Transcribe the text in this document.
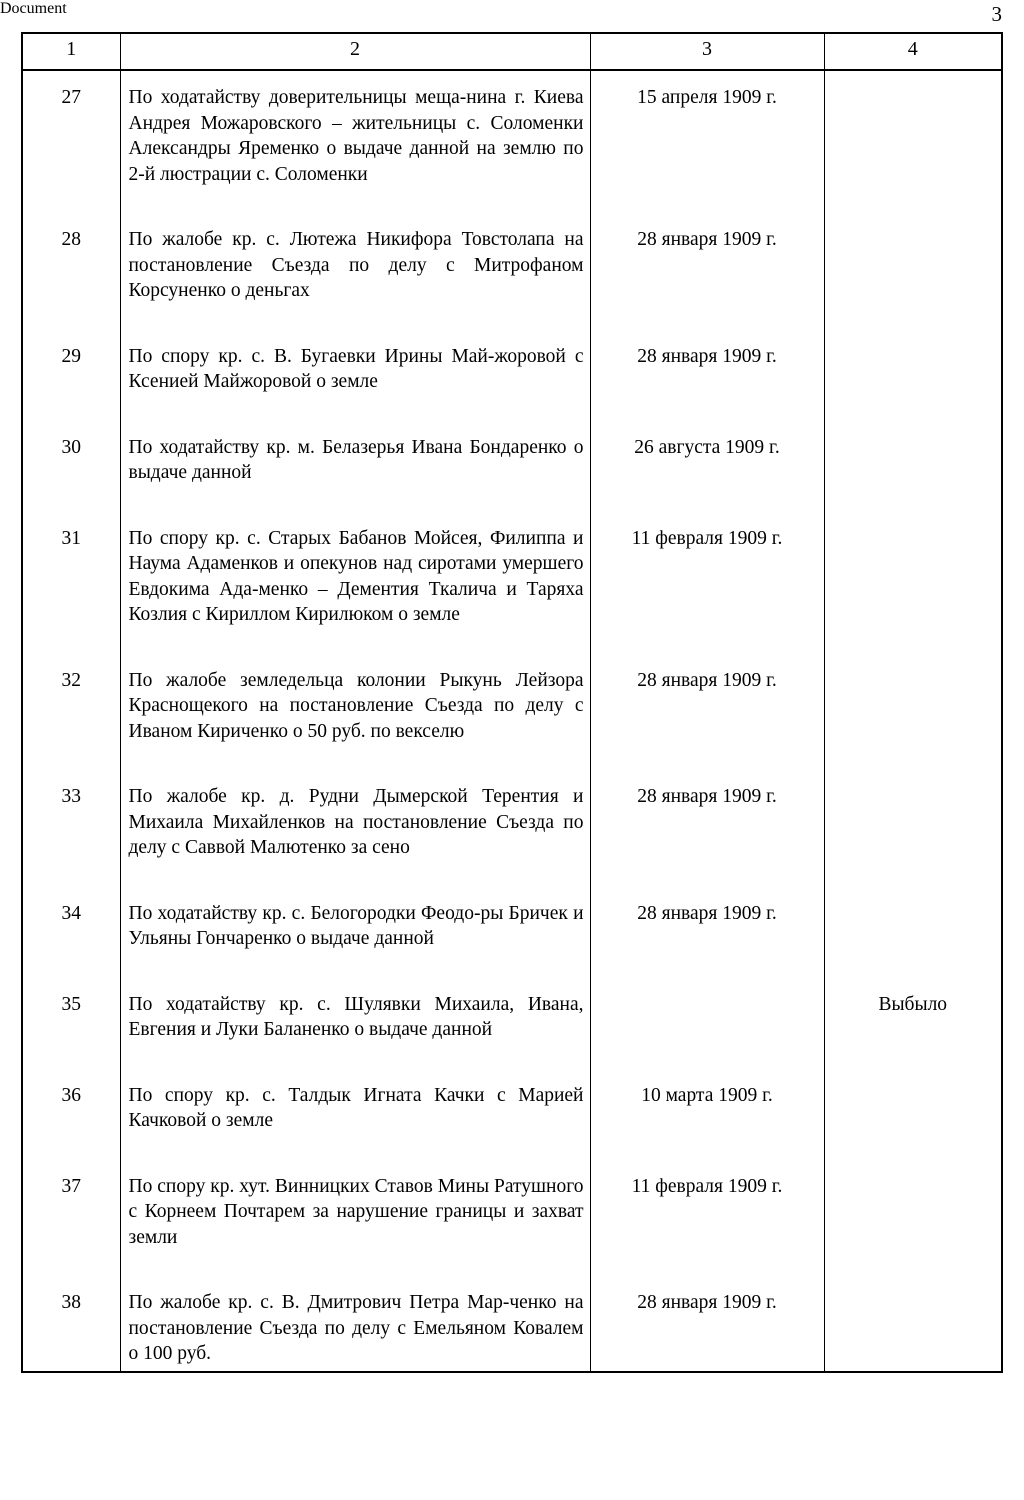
3
1	2	3	4
27	По ходатайству доверительницы меща-нина г. Киева Андрея Можаровского – жительницы с. Соломенки Александры Яременко о выдаче данной на землю по 2-й люстрации с. Соломенки	15 апреля 1909 г.	

28	По жалобе кр. с. Лютежа Никифора Товстолапа на постановление Съезда по делу с Митрофаном Корсуненко о деньгах	28 января 1909 г.	

29	По спору кр. с. В. Бугаевки Ирины Май-жоровой с Ксенией Майжоровой о земле	28 января 1909 г.	

30	По ходатайству кр. м. Белазерья Ивана Бондаренко о выдаче данной	26 августа 1909 г.	

31	По спору кр. с. Старых Бабанов Мойсея, Филиппа и Наума Адаменков и опекунов над сиротами умершего Евдокима Ада-менко – Дементия Ткалича и Таряха Козлия с Кириллом Кирилюком о земле	11 февраля 1909 г.	

32	По жалобе земледельца колонии Рыкунь Лейзора Краснощекого на постановление Съезда по делу с Иваном Кириченко о 50 руб. по векселю	28 января 1909 г.	

33	По жалобе кр. д. Рудни Дымерской Терентия и Михаила Михайленков на постановление Съезда по делу с Саввой Малютенко за сено	28 января 1909 г.	

34	По ходатайству кр. с. Белогородки Феодо-ры Бричек и Ульяны Гончаренко о выдаче данной	28 января 1909 г.	

35	По ходатайству кр. с. Шулявки Михаила, Ивана, Евгения и Луки Баланенко о выдаче данной		Выбыло

36	По спору кр. с. Талдык Игната Качки с Марией Качковой о земле	10 марта 1909 г.	

37	По спору кр. хут. Винницких Ставов Мины Ратушного с Корнеем Почтарем за нарушение границы и захват земли	11 февраля 1909 г.	

38	По жалобе кр. с. В. Дмитрович Петра Мар-ченко на постановление Съезда по делу с Емельяном Ковалем о 100 руб.	28 января 1909 г.	

Document
